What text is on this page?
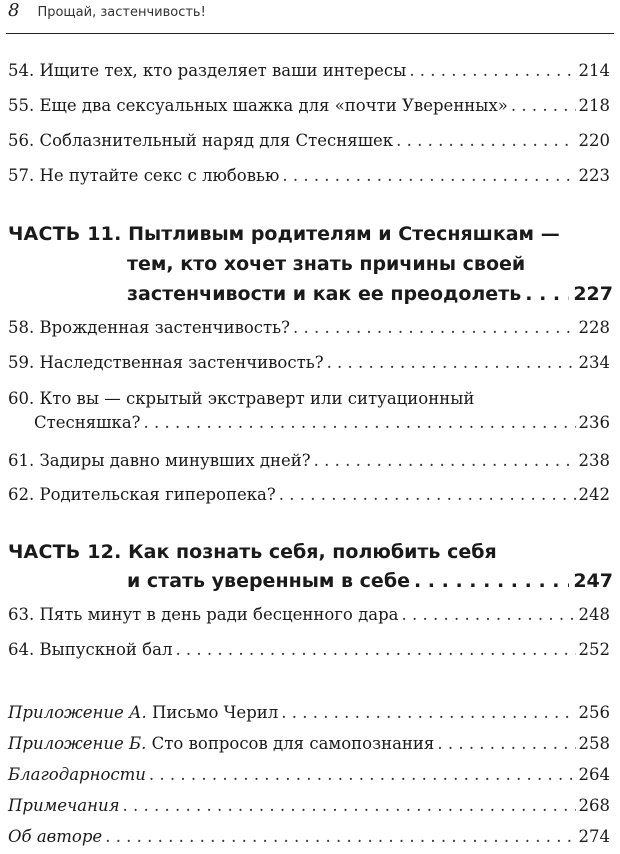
8 Прощай, застенчивость!
54. Ищите тех, кто разделяет ваши интересы . . .	214
55. Еще два сексуальных шажка для «почти Уверенных» . . .	218
56. Соблазнительный наряд для Стесняшек . . .	220
57. Не путайте секс с любовью . . .	223
ЧАСТЬ 11.
Пытливым родителям и Стесняшкам —
тем, кто хочет знать причины своей
застенчивости и как ее преодолеть . . .	227
58. Врожденная застенчивость? . . .	228
59. Наследственная застенчивость? . . .	234
60. Кто вы — скрытый экстраверт или ситуационный
Стесняшка? . . .	236
61. Задиры давно минувших дней? . . .	238
62. Родительская гиперопека? . . .	242
ЧАСТЬ 12.
Как познать себя, полюбить себя
и стать уверенным в себе . . .	247
63. Пять минут в день ради бесценного дара . . .	248
64. Выпускной бал . . .	252
Приложение А. Письмо Черил . . .	256
Приложение Б. Сто вопросов для самопознания . . .	258
Благодарности . . .	264
Примечания . . .	268
Об авторе . . .	274
